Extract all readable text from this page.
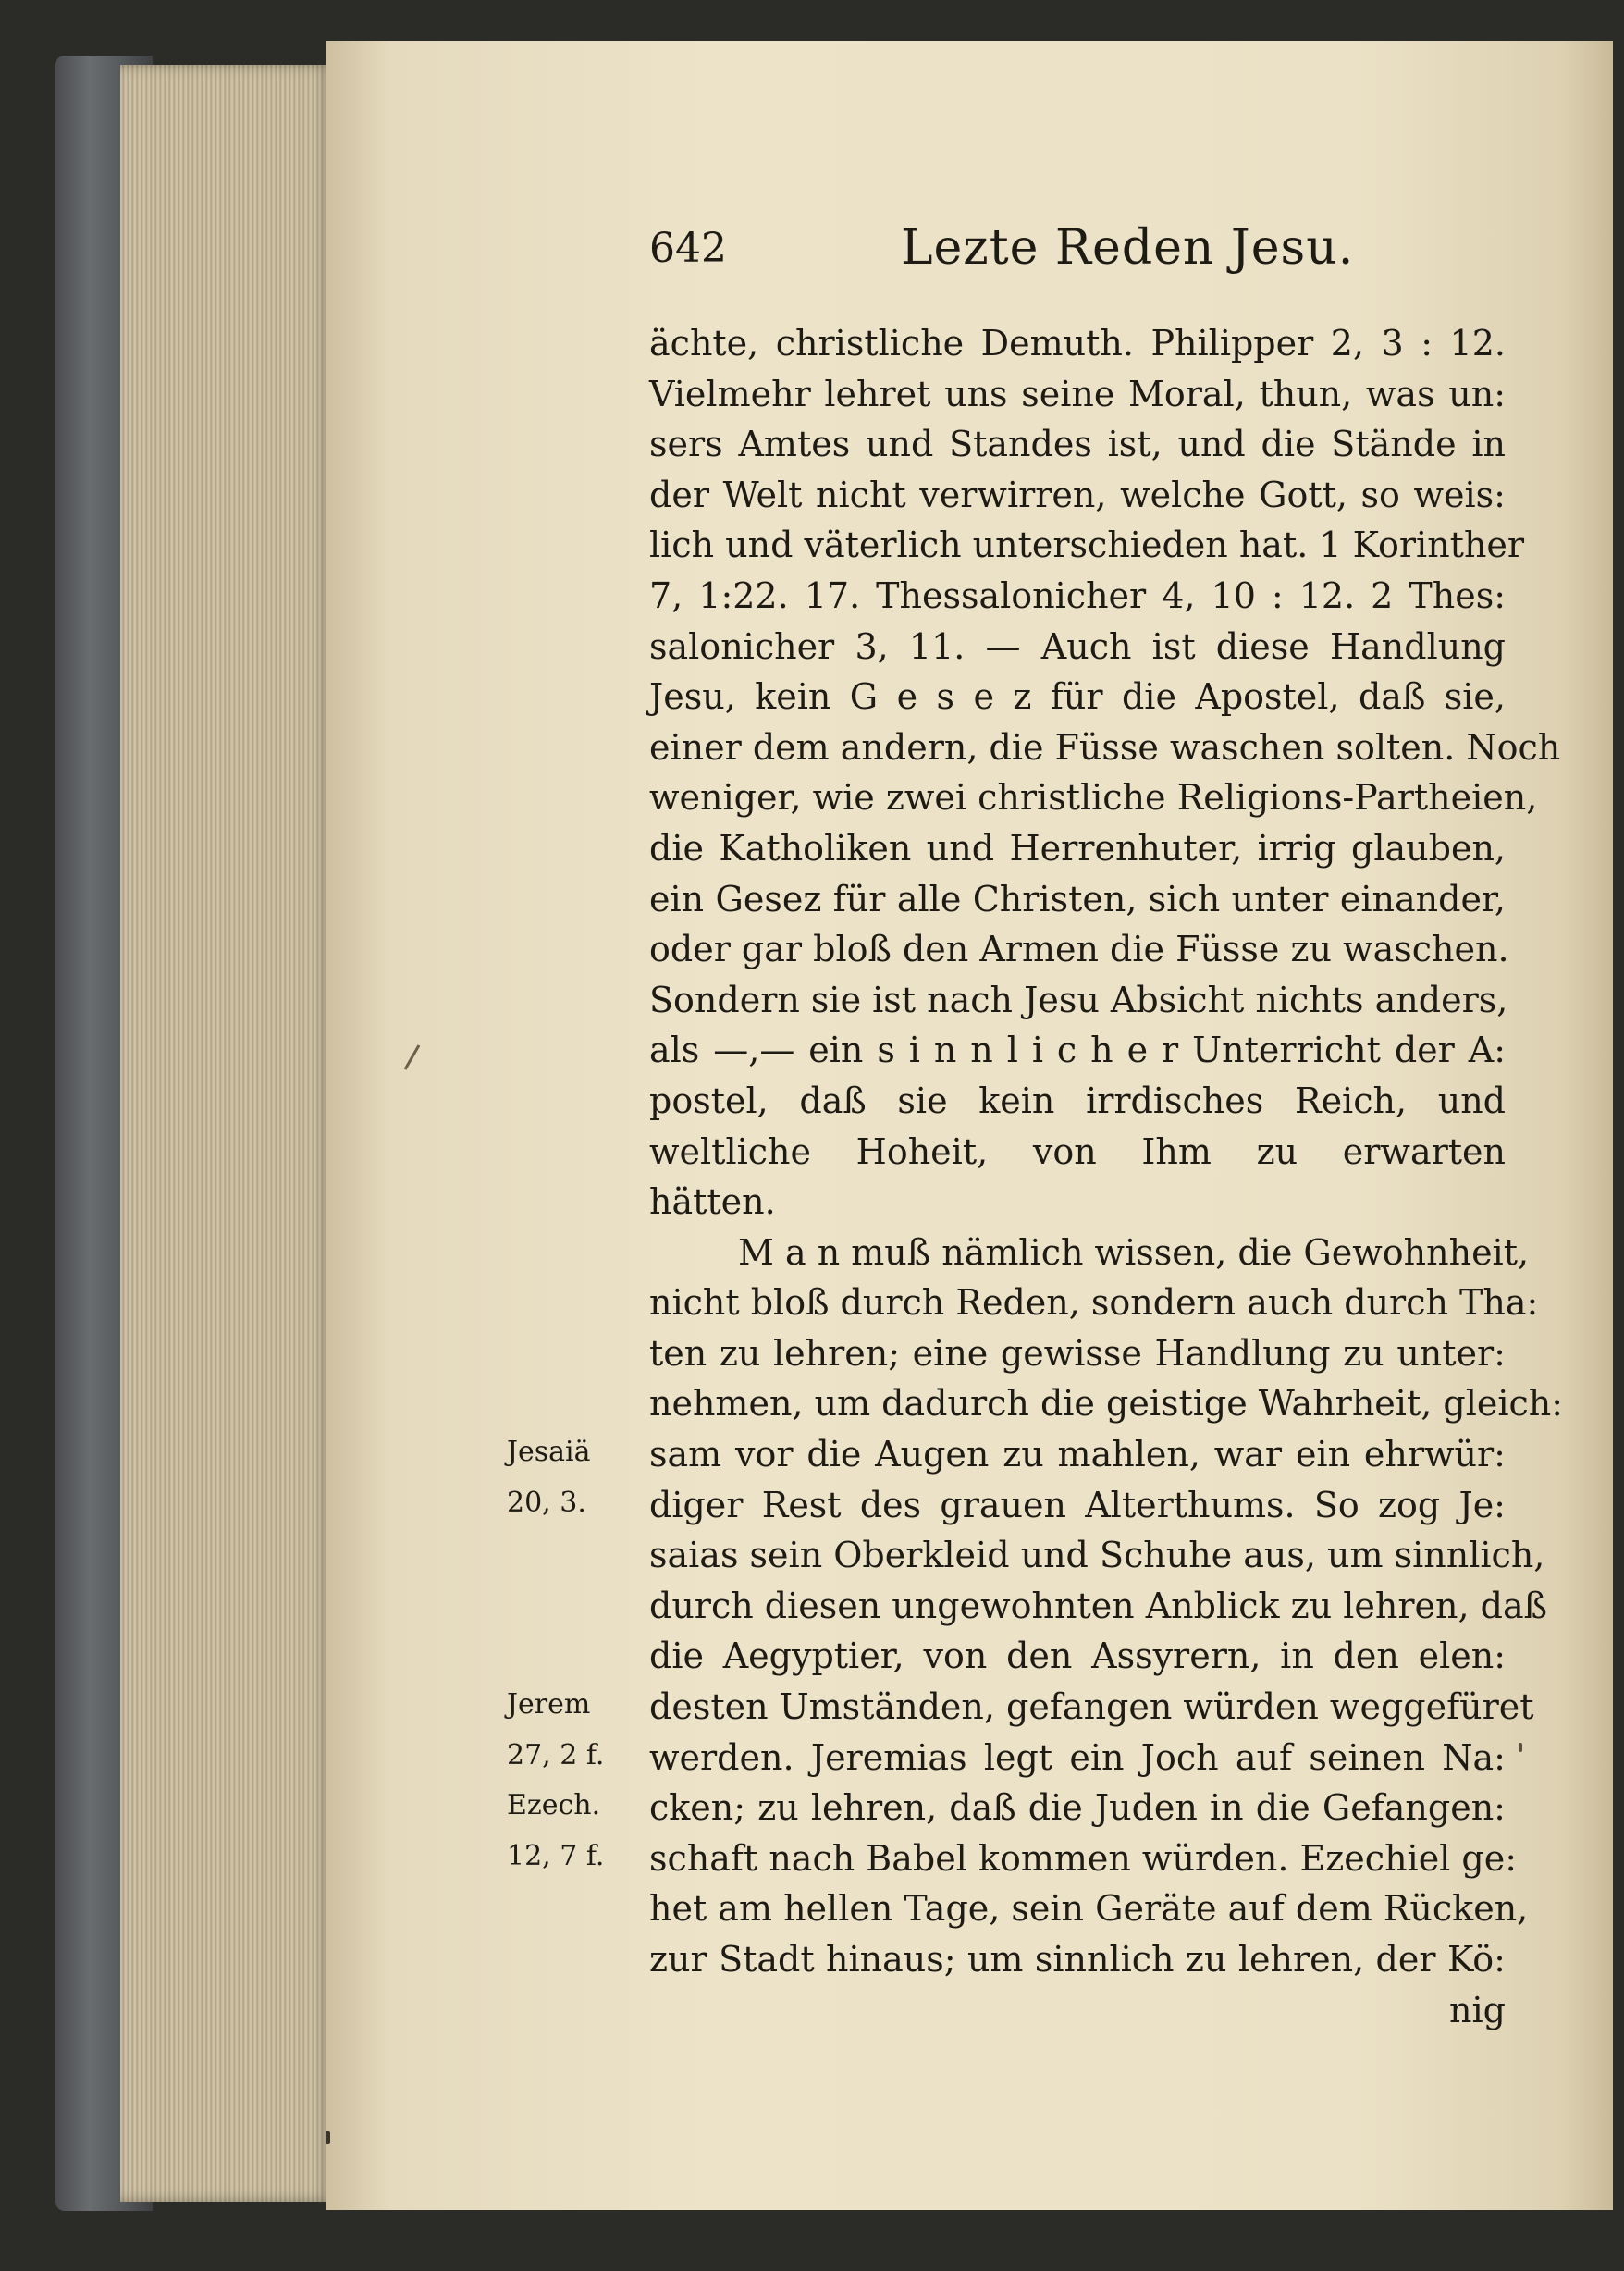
642	Lezte Reden Jesu.
ächte, christliche Demuth. Philipper 2, 3 : 12.
Vielmehr lehret uns seine Moral, thun, was un:
sers Amtes und Standes ist, und die Stände in
der Welt nicht verwirren, welche Gott, so weis:
lich und väterlich unterschieden hat. 1 Korinther
7, 1:22. 17. Thessalonicher 4, 10 : 12. 2 Thes:
salonicher 3, 11. — Auch ist diese Handlung
Jesu, kein G e s e z für die Apostel, daß sie,
einer dem andern, die Füsse waschen solten. Noch
weniger, wie zwei christliche Religions-Partheien,
die Katholiken und Herrenhuter, irrig glauben,
ein Gesez für alle Christen, sich unter einander,
oder gar bloß den Armen die Füsse zu waschen.
Sondern sie ist nach Jesu Absicht nichts anders,
als —,— ein s i n n l i c h e r Unterricht der A:
postel, daß sie kein irrdisches Reich, und
weltliche Hoheit, von Ihm zu erwarten
hätten.
M a n muß nämlich wissen, die Gewohnheit,
nicht bloß durch Reden, sondern auch durch Tha:
ten zu lehren; eine gewisse Handlung zu unter:
nehmen, um dadurch die geistige Wahrheit, gleich:
sam vor die Augen zu mahlen, war ein ehrwür:
diger Rest des grauen Alterthums. So zog Je:
saias sein Oberkleid und Schuhe aus, um sinnlich,
durch diesen ungewohnten Anblick zu lehren, daß
die Aegyptier, von den Assyrern, in den elen:
desten Umständen, gefangen würden weggefüret
werden. Jeremias legt ein Joch auf seinen Na:
cken; zu lehren, daß die Juden in die Gefangen:
schaft nach Babel kommen würden. Ezechiel ge:
het am hellen Tage, sein Geräte auf dem Rücken,
zur Stadt hinaus; um sinnlich zu lehren, der Kö:
nig
Jesaiä
20, 3.
Jerem
27, 2 f.
Ezech.
12, 7 f.
